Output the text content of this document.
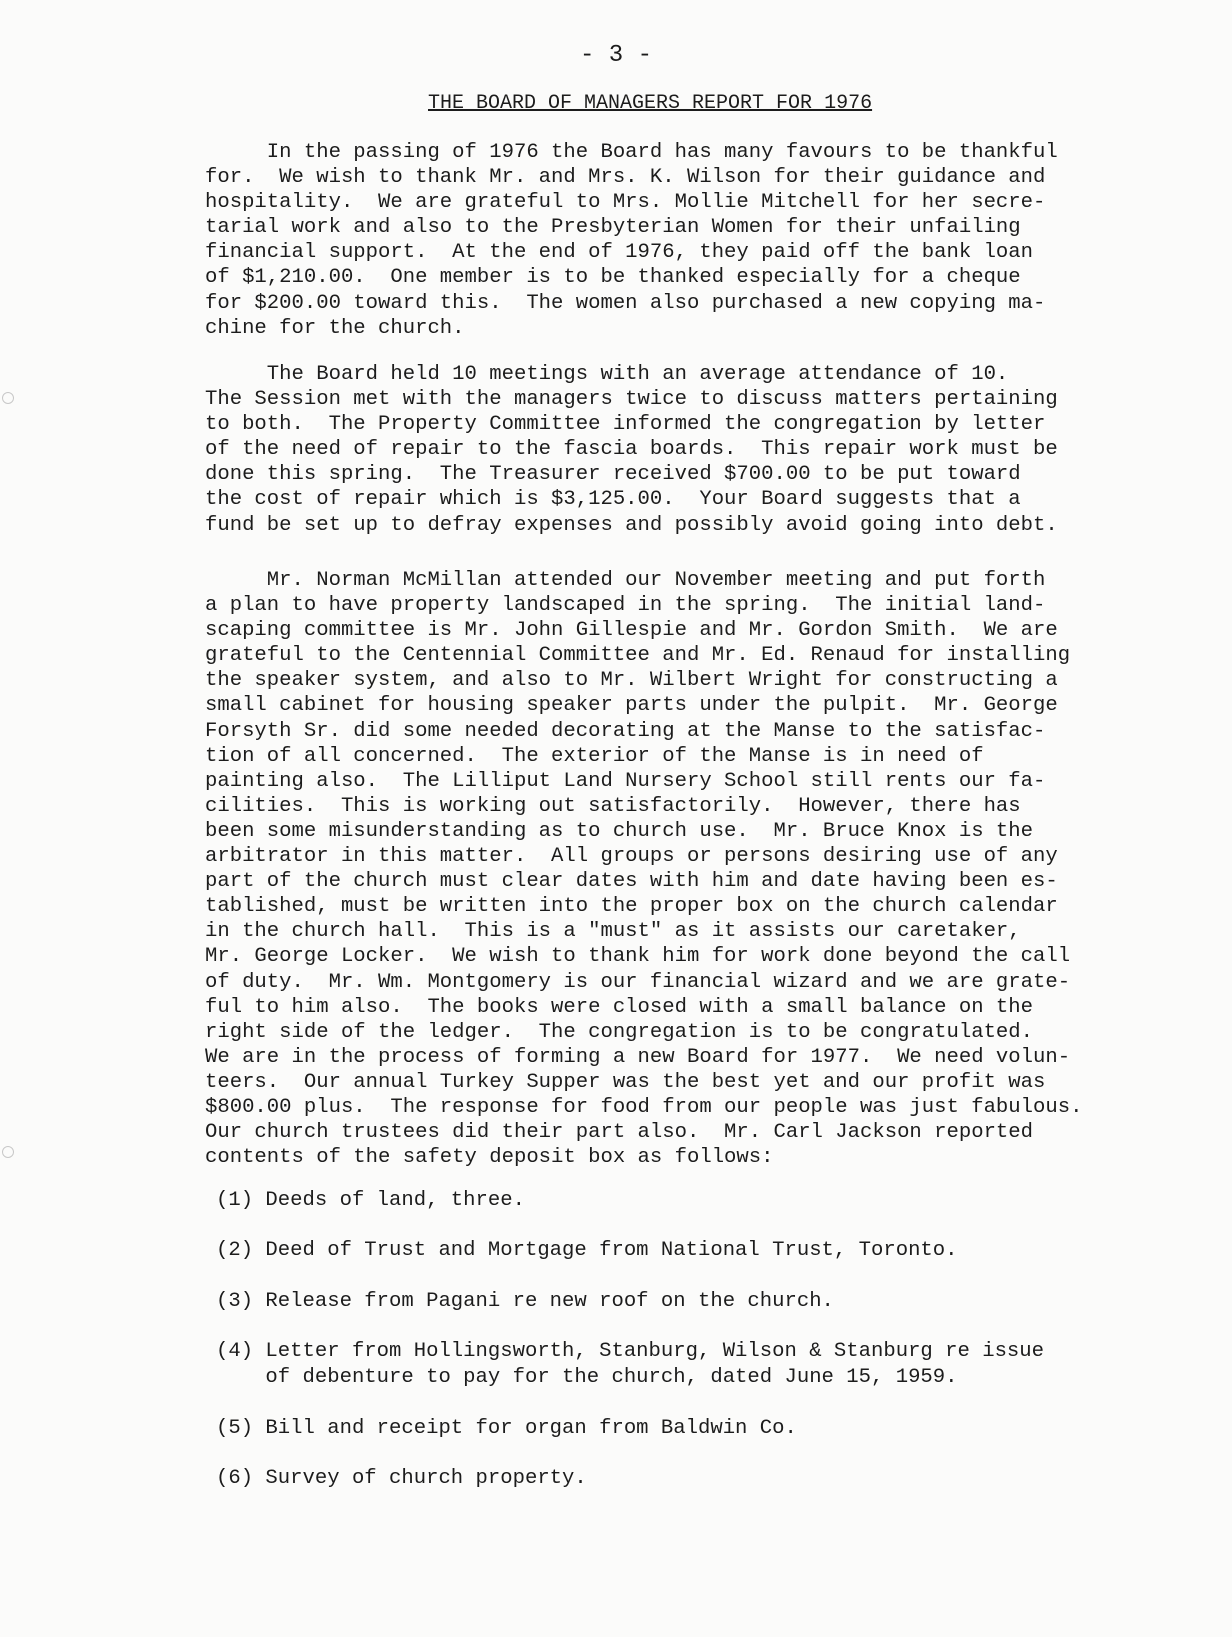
- 3 -
THE BOARD OF MANAGERS REPORT FOR 1976
In the passing of 1976 the Board has many favours to be thankful
for.  We wish to thank Mr. and Mrs. K. Wilson for their guidance and
hospitality.  We are grateful to Mrs. Mollie Mitchell for her secre-
tarial work and also to the Presbyterian Women for their unfailing
financial support.  At the end of 1976, they paid off the bank loan
of $1,210.00.  One member is to be thanked especially for a cheque
for $200.00 toward this.  The women also purchased a new copying ma-
chine for the church.
The Board held 10 meetings with an average attendance of 10.
The Session met with the managers twice to discuss matters pertaining
to both.  The Property Committee informed the congregation by letter
of the need of repair to the fascia boards.  This repair work must be
done this spring.  The Treasurer received $700.00 to be put toward
the cost of repair which is $3,125.00.  Your Board suggests that a
fund be set up to defray expenses and possibly avoid going into debt.
Mr. Norman McMillan attended our November meeting and put forth
a plan to have property landscaped in the spring.  The initial land-
scaping committee is Mr. John Gillespie and Mr. Gordon Smith.  We are
grateful to the Centennial Committee and Mr. Ed. Renaud for installing
the speaker system, and also to Mr. Wilbert Wright for constructing a
small cabinet for housing speaker parts under the pulpit.  Mr. George
Forsyth Sr. did some needed decorating at the Manse to the satisfac-
tion of all concerned.  The exterior of the Manse is in need of
painting also.  The Lilliput Land Nursery School still rents our fa-
cilities.  This is working out satisfactorily.  However, there has
been some misunderstanding as to church use.  Mr. Bruce Knox is the
arbitrator in this matter.  All groups or persons desiring use of any
part of the church must clear dates with him and date having been es-
tablished, must be written into the proper box on the church calendar
in the church hall.  This is a "must" as it assists our caretaker,
Mr. George Locker.  We wish to thank him for work done beyond the call
of duty.  Mr. Wm. Montgomery is our financial wizard and we are grate-
ful to him also.  The books were closed with a small balance on the
right side of the ledger.  The congregation is to be congratulated.
We are in the process of forming a new Board for 1977.  We need volun-
teers.  Our annual Turkey Supper was the best yet and our profit was
$800.00 plus.  The response for food from our people was just fabulous.
Our church trustees did their part also.  Mr. Carl Jackson reported
contents of the safety deposit box as follows:
(1) Deeds of land, three.
(2) Deed of Trust and Mortgage from National Trust, Toronto.
(3) Release from Pagani re new roof on the church.
(4) Letter from Hollingsworth, Stanburg, Wilson & Stanburg re issue
of debenture to pay for the church, dated June 15, 1959.
(5) Bill and receipt for organ from Baldwin Co.
(6) Survey of church property.
